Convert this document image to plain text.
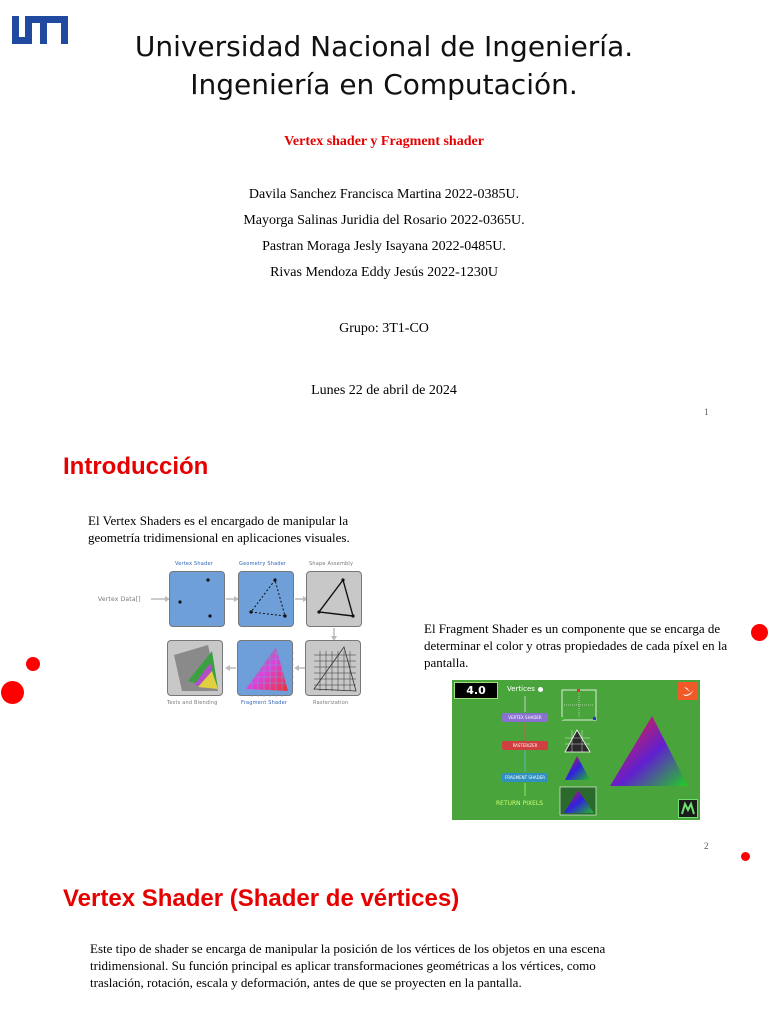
Universidad Nacional de Ingeniería.
Ingeniería en Computación.
Vertex shader y Fragment shader
Davila Sanchez Francisca Martina 2022-0385U.
Mayorga Salinas Juridia del Rosario 2022-0365U.
Pastran Moraga Jesly Isayana 2022-0485U.
Rivas Mendoza Eddy Jesús 2022-1230U
Grupo: 3T1-CO
Lunes 22 de abril de 2024
1
Introducción
El Vertex Shaders es el encargado de manipular la geometría tridimensional en aplicaciones visuales.
Vertex Data[]
Vertex Shader	Geometry Shader	Shape Assembly
Tests and Blending	Fragment Shader	Rasterization
El Fragment Shader es un componente que se encarga de determinar el color y otras propiedades de cada píxel en la pantalla.
4.0	Vertices
VERTEX SHADER
RASTERIZER
FRAGMENT SHADER
RETURN PIXELS
2
Vertex Shader (Shader de vértices)
Este tipo de shader se encarga de manipular la posición de los vértices de los objetos en una escena tridimensional. Su función principal es aplicar transformaciones geométricas a los vértices, como traslación, rotación, escala y deformación, antes de que se proyecten en la pantalla.
